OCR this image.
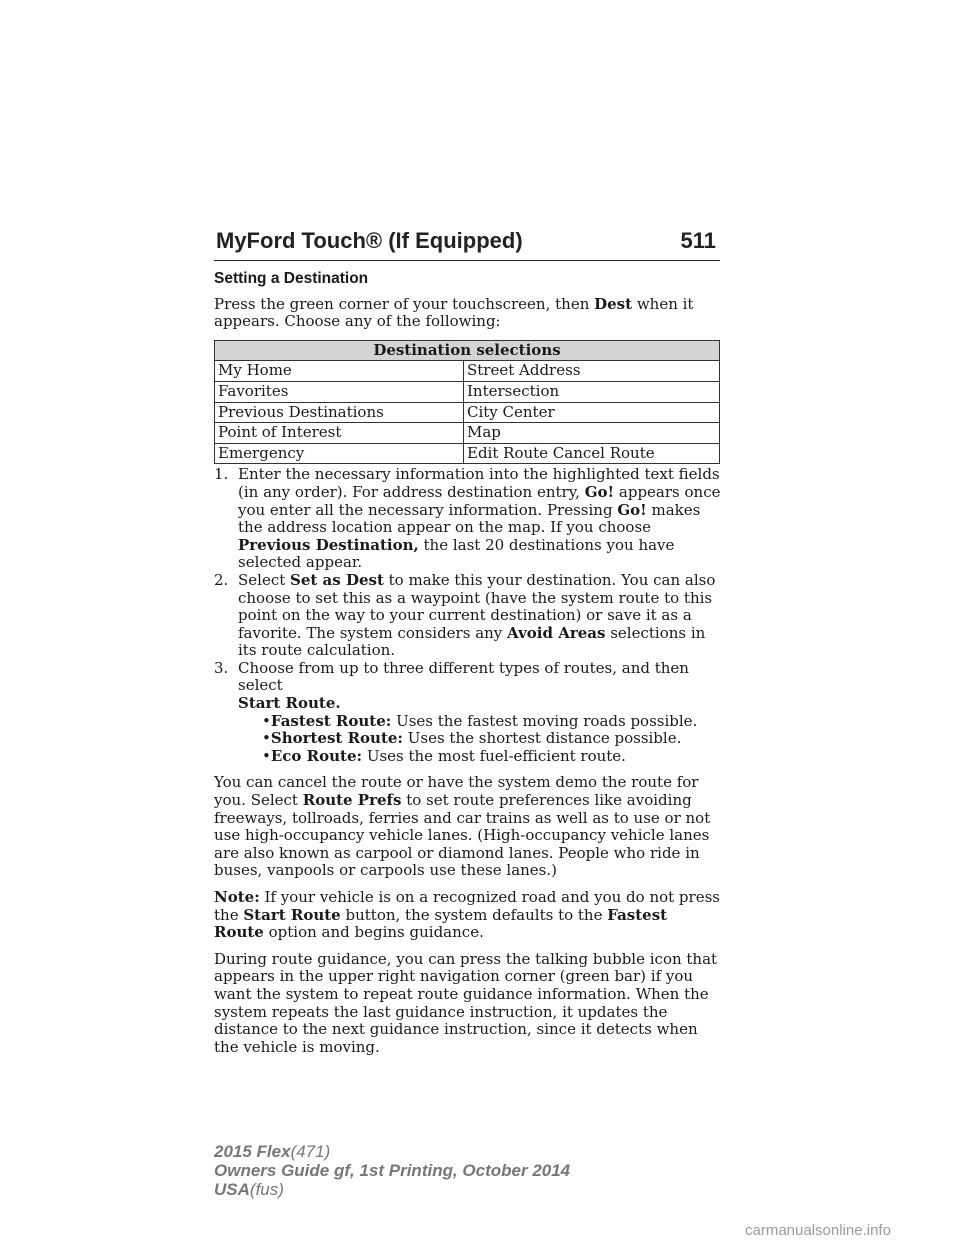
MyFord Touch® (If Equipped)	511
Setting a Destination

Press the green corner of your touchscreen, then Dest when it appears. Choose any of the following:

Destination selections	
My Home	Street Address
Favorites	Intersection
Previous Destinations	City Center
Point of Interest	Map
Emergency	Edit Route Cancel Route
1. Enter the necessary information into the highlighted text fields (in any order). For address destination entry, Go! appears once you enter all the necessary information. Pressing Go! makes the address location appear on the map. If you choose Previous Destination, the last 20 destinations you have selected appear.
2. Select Set as Dest to make this your destination. You can also choose to set this as a waypoint (have the system route to this point on the way to your current destination) or save it as a favorite. The system considers any Avoid Areas selections in its route calculation.
3. Choose from up to three different types of routes, and then select
Start Route.
•Fastest Route: Uses the fastest moving roads possible.
•Shortest Route: Uses the shortest distance possible.
•Eco Route: Uses the most fuel-efficient route.

You can cancel the route or have the system demo the route for you. Select Route Prefs to set route preferences like avoiding freeways, tollroads, ferries and car trains as well as to use or not use high-occupancy vehicle lanes. (High-occupancy vehicle lanes are also known as carpool or diamond lanes. People who ride in buses, vanpools or carpools use these lanes.)

Note: If your vehicle is on a recognized road and you do not press the Start Route button, the system defaults to the Fastest Route option and begins guidance.

During route guidance, you can press the talking bubble icon that appears in the upper right navigation corner (green bar) if you want the system to repeat route guidance information. When the system repeats the last guidance instruction, it updates the distance to the next guidance instruction, since it detects when the vehicle is moving.

2015 Flex(471)
Owners Guide gf, 1st Printing, October 2014
USA(fus)
carmanualsonline.info
